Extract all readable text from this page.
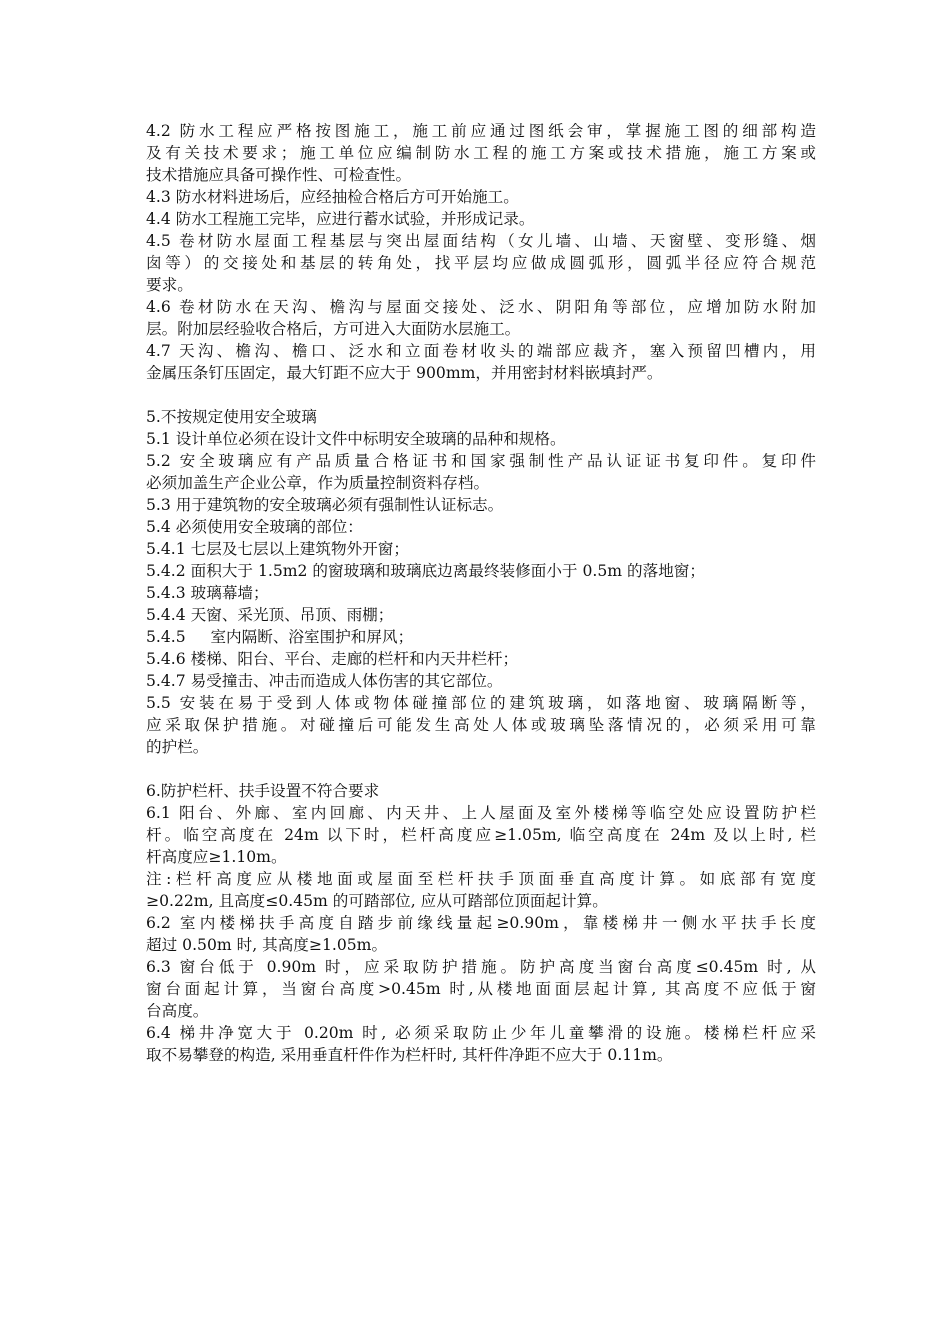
4.2 防水工程应严格按图施工，施工前应通过图纸会审，掌握施工图的细部构造
及有关技术要求；施工单位应编制防水工程的施工方案或技术措施，施工方案或
技术措施应具备可操作性、可检查性。
4.3 防水材料进场后，应经抽检合格后方可开始施工。
4.4 防水工程施工完毕，应进行蓄水试验，并形成记录。
4.5 卷材防水屋面工程基层与突出屋面结构（女儿墙、山墙、天窗壁、变形缝、烟
囱等）的交接处和基层的转角处，找平层均应做成圆弧形，圆弧半径应符合规范
要求。
4.6 卷材防水在天沟、檐沟与屋面交接处、泛水、阴阳角等部位，应增加防水附加
层。附加层经验收合格后，方可进入大面防水层施工。
4.7 天沟、檐沟、檐口、泛水和立面卷材收头的端部应裁齐，塞入预留凹槽内，用
金属压条钉压固定，最大钉距不应大于 900mm，并用密封材料嵌填封严。
5.不按规定使用安全玻璃
5.1 设计单位必须在设计文件中标明安全玻璃的品种和规格。
5.2 安全玻璃应有产品质量合格证书和国家强制性产品认证证书复印件。复印件
必须加盖生产企业公章，作为质量控制资料存档。
5.3 用于建筑物的安全玻璃必须有强制性认证标志。
5.4 必须使用安全玻璃的部位：
5.4.1 七层及七层以上建筑物外开窗；
5.4.2 面积大于 1.5m2 的窗玻璃和玻璃底边离最终装修面小于 0.5m 的落地窗；
5.4.3 玻璃幕墙；
5.4.4 天窗、采光顶、吊顶、雨棚；
5.4.5     室内隔断、浴室围护和屏风；
5.4.6 楼梯、阳台、平台、走廊的栏杆和内天井栏杆；
5.4.7 易受撞击、冲击而造成人体伤害的其它部位。
5.5 安装在易于受到人体或物体碰撞部位的建筑玻璃，如落地窗、玻璃隔断等，
应采取保护措施。对碰撞后可能发生高处人体或玻璃坠落情况的，必须采用可靠
的护栏。
6.防护栏杆、扶手设置不符合要求
6.1 阳台、外廊、室内回廊、内天井、上人屋面及室外楼梯等临空处应设置防护栏
杆。临空高度在 24m 以下时，栏杆高度应≥1.05m, 临空高度在 24m 及以上时, 栏
杆高度应≥1.10m。
注:栏杆高度应从楼地面或屋面至栏杆扶手顶面垂直高度计算。如底部有宽度
≥0.22m, 且高度≤0.45m 的可踏部位, 应从可踏部位顶面起计算。
6.2 室内楼梯扶手高度自踏步前缘线量起≥0.90m，靠楼梯井一侧水平扶手长度
超过 0.50m 时, 其高度≥1.05m。
6.3 窗台低于 0.90m 时，应采取防护措施。防护高度当窗台高度≤0.45m 时, 从
窗台面起计算，当窗台高度>0.45m 时,从楼地面面层起计算, 其高度不应低于窗
台高度。
6.4 梯井净宽大于 0.20m 时, 必须采取防止少年儿童攀滑的设施。楼梯栏杆应采
取不易攀登的构造, 采用垂直杆件作为栏杆时, 其杆件净距不应大于 0.11m。
